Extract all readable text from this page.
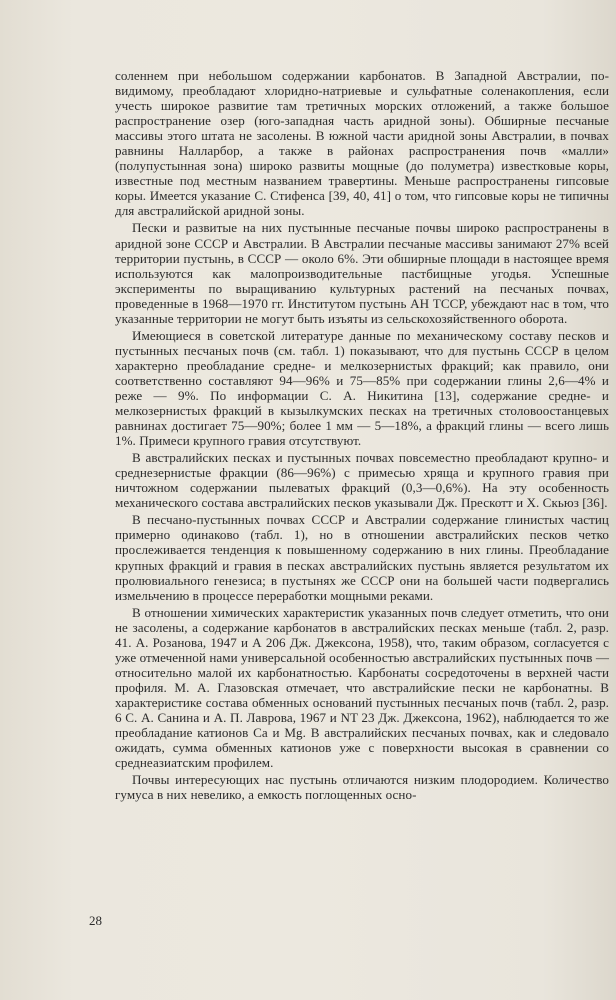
соленнем при небольшом содержании карбонатов. В Западной Австралии, по-видимому, преобладают хлоридно-натриевые и сульфатные соленакопления, если учесть широкое развитие там третичных морских отложений, а также большое распространение озер (юго-западная часть аридной зоны). Обширные песчаные массивы этого штата не засолены. В южной части аридной зоны Австралии, в почвах равнины Налларбор, а также в районах распространения почв «малли» (полупустынная зона) широко развиты мощные (до полуметра) известковые коры, известные под местным названием травертины. Меньше распространены гипсовые коры. Имеется указание С. Стифенса [39, 40, 41] о том, что гипсовые коры не типичны для австралийской аридной зоны.

Пески и развитые на них пустынные песчаные почвы широко распространены в аридной зоне СССР и Австралии. В Австралии песчаные массивы занимают 27% всей территории пустынь, в СССР — около 6%. Эти обширные площади в настоящее время используются как малопроизводительные пастбищные угодья. Успешные эксперименты по выращиванию культурных растений на песчаных почвах, проведенные в 1968—1970 гг. Институтом пустынь АН ТССР, убеждают нас в том, что указанные территории не могут быть изъяты из сельскохозяйственного оборота.

Имеющиеся в советской литературе данные по механическому составу песков и пустынных песчаных почв (см. табл. 1) показывают, что для пустынь СССР в целом характерно преобладание средне- и мелкозернистых фракций; как правило, они соответственно составляют 94—96% и 75—85% при содержании глины 2,6—4% и реже — 9%. По информации С. А. Никитина [13], содержание средне- и мелкозернистых фракций в кызылкумских песках на третичных столовоостанцевых равнинах достигает 75—90%; более 1 мм — 5—18%, а фракций глины — всего лишь 1%. Примеси крупного гравия отсутствуют.

В австралийских песках и пустынных почвах повсеместно преобладают крупно- и среднезернистые фракции (86—96%) с примесью хряща и крупного гравия при ничтожном содержании пылеватых фракций (0,3—0,6%). На эту особенность механического состава австралийских песков указывали Дж. Прескотт и Х. Скьюз [36].

В песчано-пустынных почвах СССР и Австралии содержание глинистых частиц примерно одинаково (табл. 1), но в отношении австралийских песков четко прослеживается тенденция к повышенному содержанию в них глины. Преобладание крупных фракций и гравия в песках австралийских пустынь является результатом их пролювиального генезиса; в пустынях же СССР они на большей части подвергались измельчению в процессе переработки мощными реками.

В отношении химических характеристик указанных почв следует отметить, что они не засолены, а содержание карбонатов в австралийских песках меньше (табл. 2, разр. 41. А. Розанова, 1947 и А 206 Дж. Джексона, 1958), что, таким образом, согласуется с уже отмеченной нами универсальной особенностью австралийских пустынных почв — относительно малой их карбонатностью. Карбонаты сосредоточены в верхней части профиля. М. А. Глазовская отмечает, что австралийские пески не карбонатны. В характеристике состава обменных оснований пустынных песчаных почв (табл. 2, разр. 6 С. А. Санина и А. П. Лаврова, 1967 и NT 23 Дж. Джексона, 1962), наблюдается то же преобладание катионов Ca и Mg. В австралийских песчаных почвах, как и следовало ожидать, сумма обменных катионов уже с поверхности высокая в сравнении со среднеазиатским профилем.

Почвы интересующих нас пустынь отличаются низким плодородием. Количество гумуса в них невелико, а емкость поглощенных осно-

28
